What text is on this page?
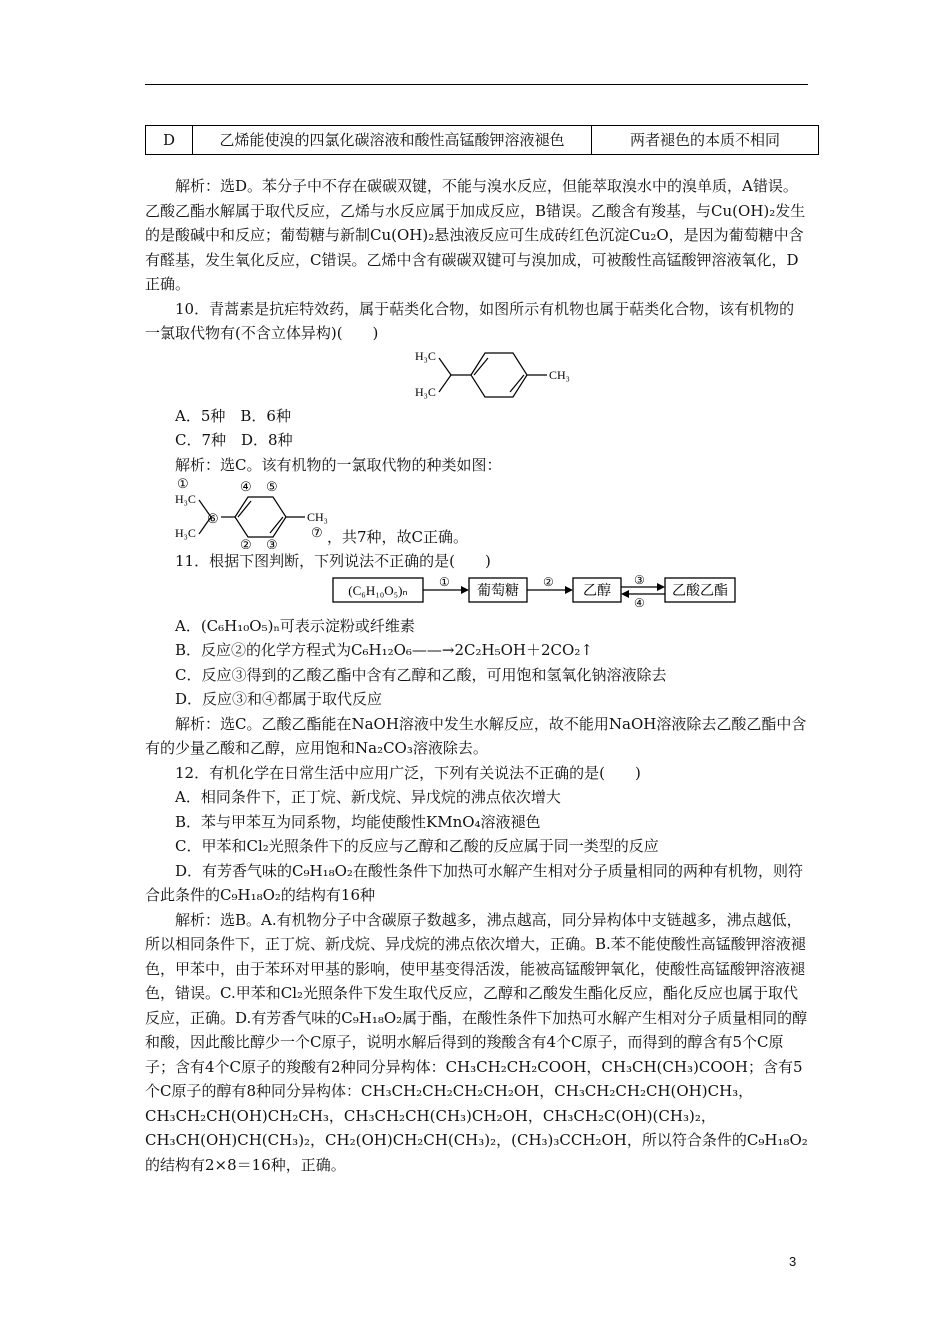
D	乙烯能使溴的四氯化碳溶液和酸性高锰酸钾溶液褪色	两者褪色的本质不相同

解析：选D。苯分子中不存在碳碳双键，不能与溴水反应，但能萃取溴水中的溴单质，A错误。乙酸乙酯水解属于取代反应，乙烯与水反应属于加成反应，B错误。乙酸含有羧基，与Cu(OH)₂发生的是酸碱中和反应；葡萄糖与新制Cu(OH)₂悬浊液反应可生成砖红色沉淀Cu₂O，是因为葡萄糖中含有醛基，发生氧化反应，C错误。乙烯中含有碳碳双键可与溴加成，可被酸性高锰酸钾溶液氧化，D正确。

10．青蒿素是抗疟特效药，属于萜类化合物，如图所示有机物也属于萜类化合物，该有机物的一氯取代物有(不含立体异构)(　　)

H₃C
H₃C
CH₃

A．5种　B．6种

C．7种　D．8种

解析：选C。该有机物的一氯取代物的种类如图：

①
H₃C
H₃C
⑥
④ ⑤
② ③
CH₃
⑦ ，共7种，故C正确。

11．根据下图判断，下列说法不正确的是(　　)

(C₆H₁₀O₅)ₙ
①
葡萄糖
②
乙醇
③
④
乙酸乙酯

A．(C₆H₁₀O₅)ₙ可表示淀粉或纤维素

B．反应②的化学方程式为C₆H₁₂O₆——→2C₂H₅OH＋2CO₂↑

C．反应③得到的乙酸乙酯中含有乙醇和乙酸，可用饱和氢氧化钠溶液除去

D．反应③和④都属于取代反应

解析：选C。乙酸乙酯能在NaOH溶液中发生水解反应，故不能用NaOH溶液除去乙酸乙酯中含有的少量乙酸和乙醇，应用饱和Na₂CO₃溶液除去。

12．有机化学在日常生活中应用广泛，下列有关说法不正确的是(　　)

A．相同条件下，正丁烷、新戊烷、异戊烷的沸点依次增大

B．苯与甲苯互为同系物，均能使酸性KMnO₄溶液褪色

C．甲苯和Cl₂光照条件下的反应与乙醇和乙酸的反应属于同一类型的反应

D．有芳香气味的C₉H₁₈O₂在酸性条件下加热可水解产生相对分子质量相同的两种有机物，则符合此条件的C₉H₁₈O₂的结构有16种

解析：选B。A.有机物分子中含碳原子数越多，沸点越高，同分异构体中支链越多，沸点越低，所以相同条件下，正丁烷、新戊烷、异戊烷的沸点依次增大，正确。B.苯不能使酸性高锰酸钾溶液褪色，甲苯中，由于苯环对甲基的影响，使甲基变得活泼，能被高锰酸钾氧化，使酸性高锰酸钾溶液褪色，错误。C.甲苯和Cl₂光照条件下发生取代反应，乙醇和乙酸发生酯化反应，酯化反应也属于取代反应，正确。D.有芳香气味的C₉H₁₈O₂属于酯，在酸性条件下加热可水解产生相对分子质量相同的醇和酸，因此酸比醇少一个C原子，说明水解后得到的羧酸含有4个C原子，而得到的醇含有5个C原子；含有4个C原子的羧酸有2种同分异构体：CH₃CH₂CH₂COOH，CH₃CH(CH₃)COOH；含有5个C原子的醇有8种同分异构体：CH₃CH₂CH₂CH₂CH₂OH，CH₃CH₂CH₂CH(OH)CH₃，CH₃CH₂CH(OH)CH₂CH₃，CH₃CH₂CH(CH₃)CH₂OH，CH₃CH₂C(OH)(CH₃)₂，CH₃CH(OH)CH(CH₃)₂，CH₂(OH)CH₂CH(CH₃)₂，(CH₃)₃CCH₂OH，所以符合条件的C₉H₁₈O₂的结构有2×8＝16种，正确。

3
